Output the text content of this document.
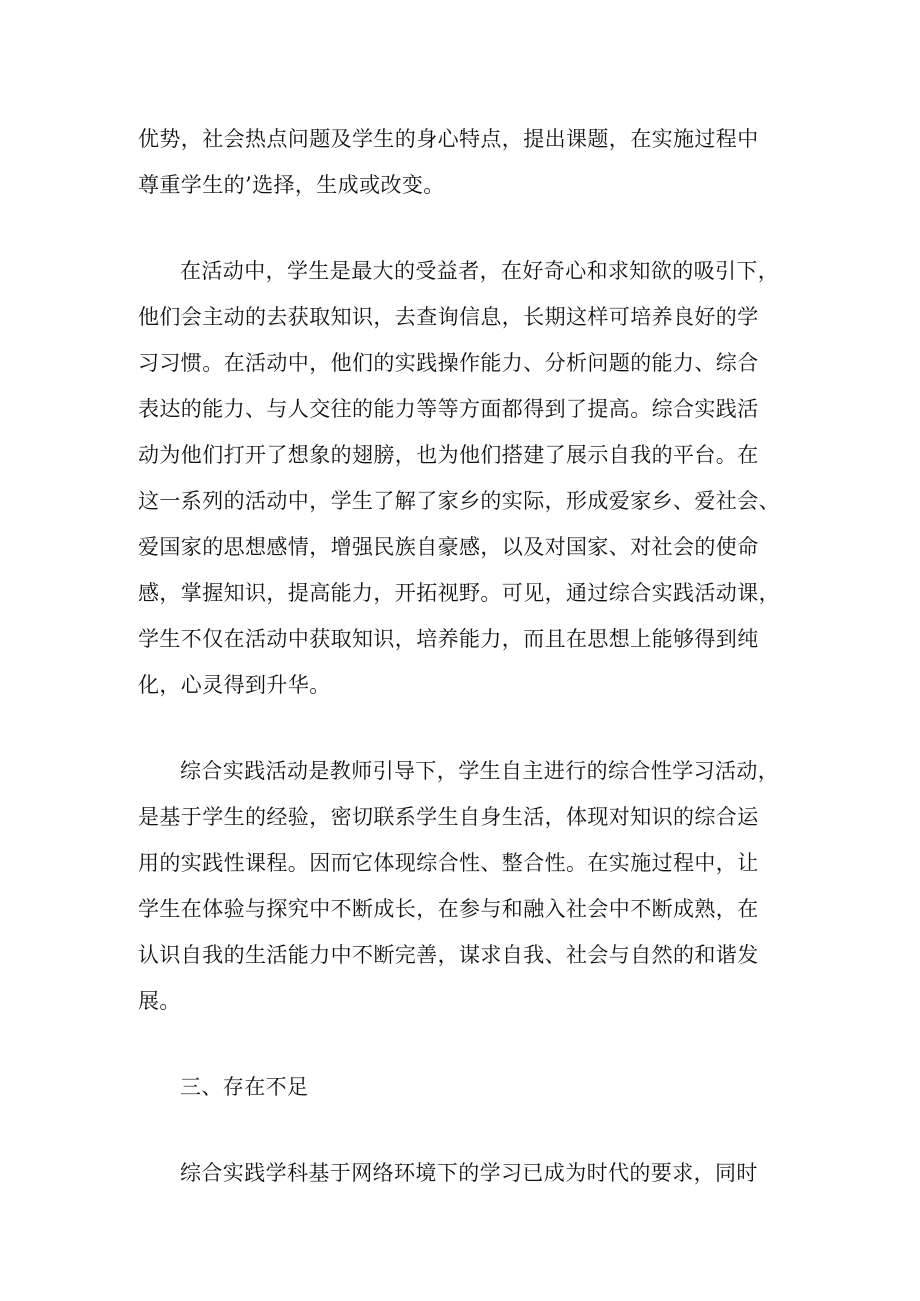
优势，社会热点问题及学生的身心特点，提出课题，在实施过程中
尊重学生的’选择，生成或改变。
在活动中，学生是最大的受益者，在好奇心和求知欲的吸引下，
他们会主动的去获取知识，去查询信息，长期这样可培养良好的学
习习惯。在活动中，他们的实践操作能力、分析问题的能力、综合
表达的能力、与人交往的能力等等方面都得到了提高。综合实践活
动为他们打开了想象的翅膀，也为他们搭建了展示自我的平台。在
这一系列的活动中，学生了解了家乡的实际，形成爱家乡、爱社会、
爱国家的思想感情，增强民族自豪感，以及对国家、对社会的使命
感，掌握知识，提高能力，开拓视野。可见，通过综合实践活动课，
学生不仅在活动中获取知识，培养能力，而且在思想上能够得到纯
化，心灵得到升华。
综合实践活动是教师引导下，学生自主进行的综合性学习活动，
是基于学生的经验，密切联系学生自身生活，体现对知识的综合运
用的实践性课程。因而它体现综合性、整合性。在实施过程中，让
学生在体验与探究中不断成长，在参与和融入社会中不断成熟，在
认识自我的生活能力中不断完善，谋求自我、社会与自然的和谐发
展。
三、存在不足
综合实践学科基于网络环境下的学习已成为时代的要求，同时
